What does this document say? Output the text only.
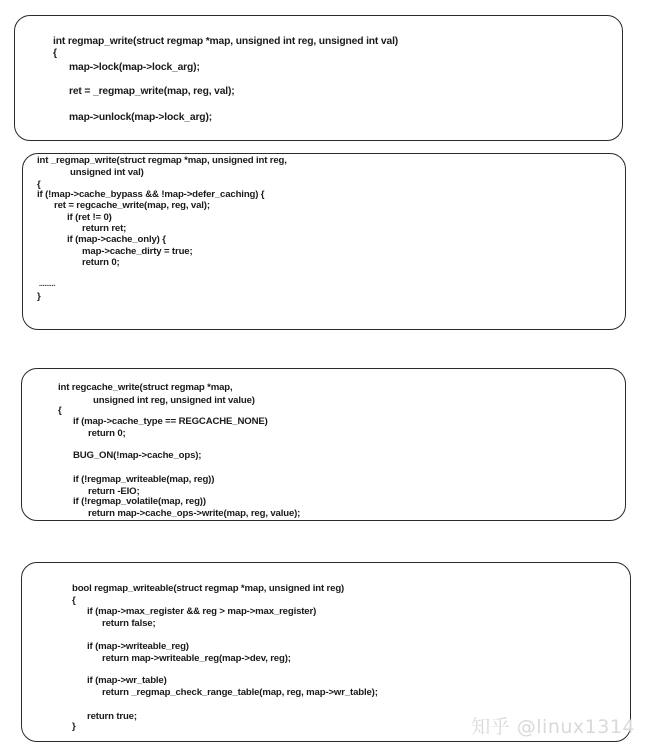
int regmap_write(struct regmap *map, unsigned int reg, unsigned int val)
{
map->lock(map->lock_arg);
ret = _regmap_write(map, reg, val);
map->unlock(map->lock_arg);
int _regmap_write(struct regmap *map, unsigned int reg,
unsigned int val)
{
if (!map->cache_bypass && !map->defer_caching) {
ret = regcache_write(map, reg, val);
if (ret != 0)
return ret;
if (map->cache_only) {
map->cache_dirty = true;
return 0;
.........
}
int regcache_write(struct regmap *map,
unsigned int reg, unsigned int value)
{
if (map->cache_type == REGCACHE_NONE)
return 0;
BUG_ON(!map->cache_ops);
if (!regmap_writeable(map, reg))
return -EIO;
if (!regmap_volatile(map, reg))
return map->cache_ops->write(map, reg, value);
bool regmap_writeable(struct regmap *map, unsigned int reg)
{
if (map->max_register && reg > map->max_register)
return false;
if (map->writeable_reg)
return map->writeable_reg(map->dev, reg);
if (map->wr_table)
return _regmap_check_range_table(map, reg, map->wr_table);
return true;
}	知乎 @linux1314
